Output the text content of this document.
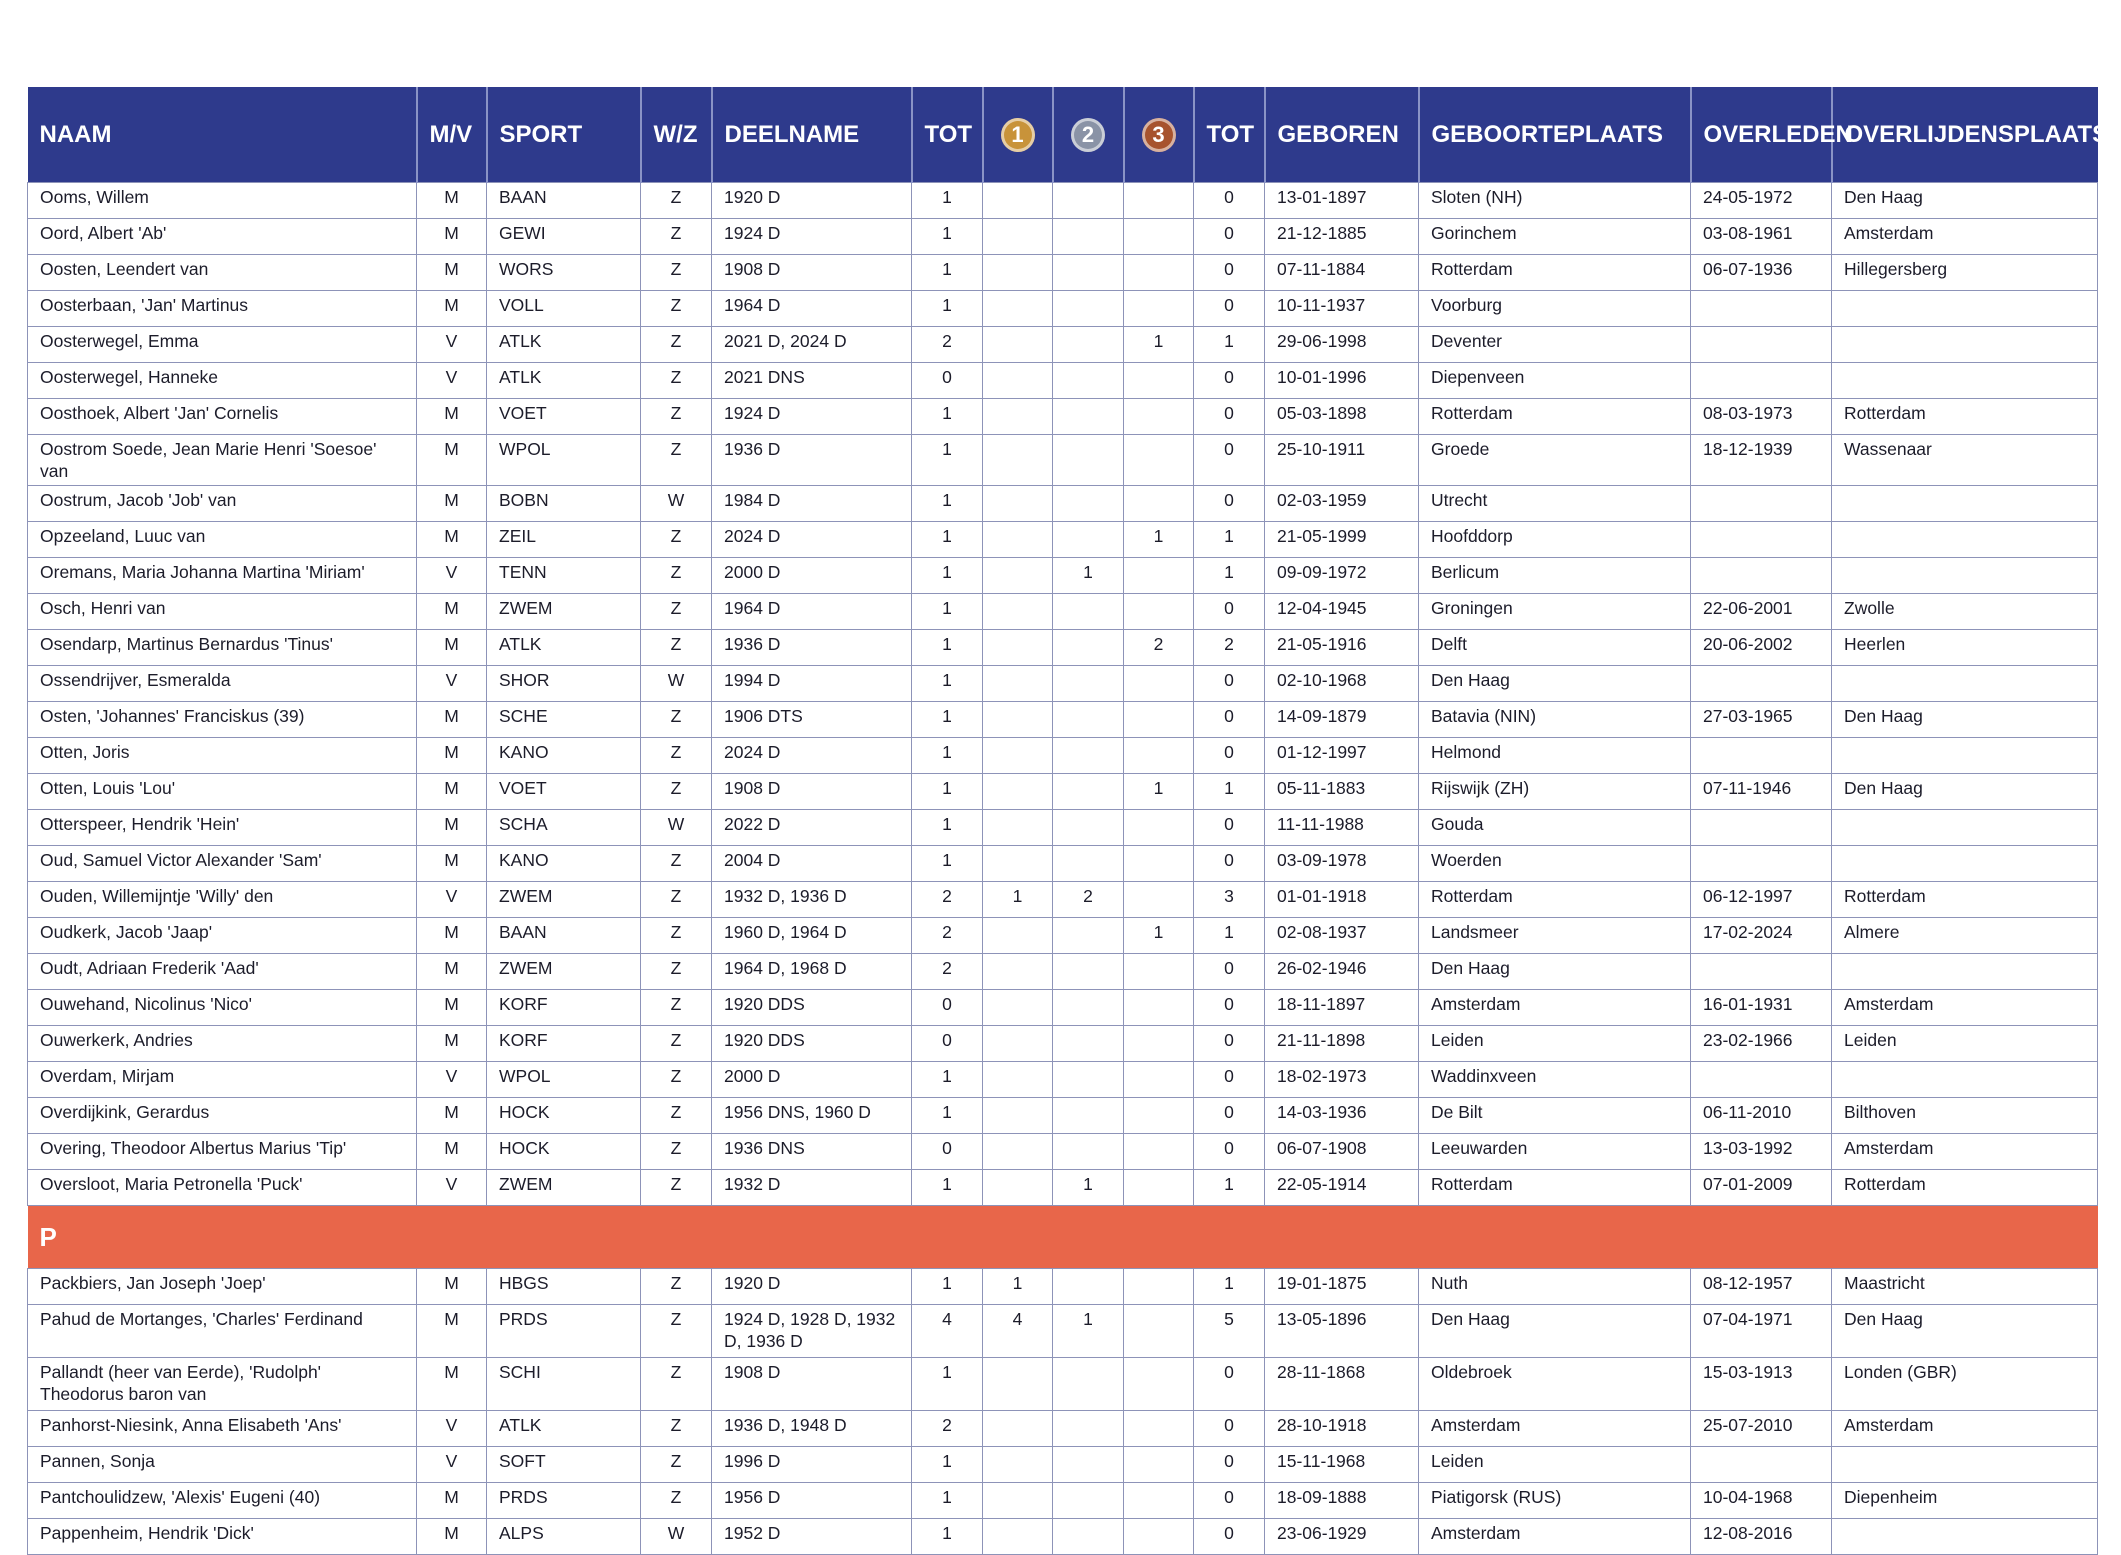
NAAM	M/V	SPORT	W/Z	DEELNAME	TOT	1	2	3	TOT	GEBOREN	GEBOORTEPLAATS	OVERLEDEN	OVERLIJDENSPLAATS
Ooms, Willem	M	BAAN	Z	1920 D	1				0	13-01-1897	Sloten (NH)	24-05-1972	Den Haag
Oord, Albert 'Ab'	M	GEWI	Z	1924 D	1				0	21-12-1885	Gorinchem	03-08-1961	Amsterdam
Oosten, Leendert van	M	WORS	Z	1908 D	1				0	07-11-1884	Rotterdam	06-07-1936	Hillegersberg
Oosterbaan, 'Jan' Martinus	M	VOLL	Z	1964 D	1				0	10-11-1937	Voorburg		
Oosterwegel, Emma	V	ATLK	Z	2021 D, 2024 D	2			1	1	29-06-1998	Deventer		
Oosterwegel, Hanneke	V	ATLK	Z	2021 DNS	0				0	10-01-1996	Diepenveen		
Oosthoek, Albert 'Jan' Cornelis	M	VOET	Z	1924 D	1				0	05-03-1898	Rotterdam	08-03-1973	Rotterdam
Oostrom Soede, Jean Marie Henri 'Soesoe' van	M	WPOL	Z	1936 D	1				0	25-10-1911	Groede	18-12-1939	Wassenaar
Oostrum, Jacob 'Job' van	M	BOBN	W	1984 D	1				0	02-03-1959	Utrecht		
Opzeeland, Luuc van	M	ZEIL	Z	2024 D	1			1	1	21-05-1999	Hoofddorp		
Oremans, Maria Johanna Martina 'Miriam'	V	TENN	Z	2000 D	1		1		1	09-09-1972	Berlicum		
Osch, Henri van	M	ZWEM	Z	1964 D	1				0	12-04-1945	Groningen	22-06-2001	Zwolle
Osendarp, Martinus Bernardus 'Tinus'	M	ATLK	Z	1936 D	1			2	2	21-05-1916	Delft	20-06-2002	Heerlen
Ossendrijver, Esmeralda	V	SHOR	W	1994 D	1				0	02-10-1968	Den Haag		
Osten, 'Johannes' Franciskus (39)	M	SCHE	Z	1906 DTS	1				0	14-09-1879	Batavia (NIN)	27-03-1965	Den Haag
Otten, Joris	M	KANO	Z	2024 D	1				0	01-12-1997	Helmond		
Otten, Louis 'Lou'	M	VOET	Z	1908 D	1			1	1	05-11-1883	Rijswijk (ZH)	07-11-1946	Den Haag
Otterspeer, Hendrik 'Hein'	M	SCHA	W	2022 D	1				0	11-11-1988	Gouda		
Oud, Samuel Victor Alexander 'Sam'	M	KANO	Z	2004 D	1				0	03-09-1978	Woerden		
Ouden, Willemijntje 'Willy' den	V	ZWEM	Z	1932 D, 1936 D	2	1	2		3	01-01-1918	Rotterdam	06-12-1997	Rotterdam
Oudkerk, Jacob 'Jaap'	M	BAAN	Z	1960 D, 1964 D	2			1	1	02-08-1937	Landsmeer	17-02-2024	Almere
Oudt, Adriaan Frederik 'Aad'	M	ZWEM	Z	1964 D, 1968 D	2				0	26-02-1946	Den Haag		
Ouwehand, Nicolinus 'Nico'	M	KORF	Z	1920 DDS	0				0	18-11-1897	Amsterdam	16-01-1931	Amsterdam
Ouwerkerk, Andries	M	KORF	Z	1920 DDS	0				0	21-11-1898	Leiden	23-02-1966	Leiden
Overdam, Mirjam	V	WPOL	Z	2000 D	1				0	18-02-1973	Waddinxveen		
Overdijkink, Gerardus	M	HOCK	Z	1956 DNS, 1960 D	1				0	14-03-1936	De Bilt	06-11-2010	Bilthoven
Overing, Theodoor Albertus Marius 'Tip'	M	HOCK	Z	1936 DNS	0				0	06-07-1908	Leeuwarden	13-03-1992	Amsterdam
Oversloot, Maria Petronella 'Puck'	V	ZWEM	Z	1932 D	1		1		1	22-05-1914	Rotterdam	07-01-2009	Rotterdam
P													
Packbiers, Jan Joseph 'Joep'	M	HBGS	Z	1920 D	1	1			1	19-01-1875	Nuth	08-12-1957	Maastricht
Pahud de Mortanges, 'Charles' Ferdinand	M	PRDS	Z	1924 D, 1928 D, 1932 D, 1936 D	4	4	1		5	13-05-1896	Den Haag	07-04-1971	Den Haag
Pallandt (heer van Eerde), 'Rudolph' Theodorus baron van	M	SCHI	Z	1908 D	1				0	28-11-1868	Oldebroek	15-03-1913	Londen (GBR)
Panhorst-Niesink, Anna Elisabeth 'Ans'	V	ATLK	Z	1936 D, 1948 D	2				0	28-10-1918	Amsterdam	25-07-2010	Amsterdam
Pannen, Sonja	V	SOFT	Z	1996 D	1				0	15-11-1968	Leiden		
Pantchoulidzew, 'Alexis' Eugeni (40)	M	PRDS	Z	1956 D	1				0	18-09-1888	Piatigorsk (RUS)	10-04-1968	Diepenheim
Pappenheim, Hendrik 'Dick'	M	ALPS	W	1952 D	1				0	23-06-1929	Amsterdam	12-08-2016	
